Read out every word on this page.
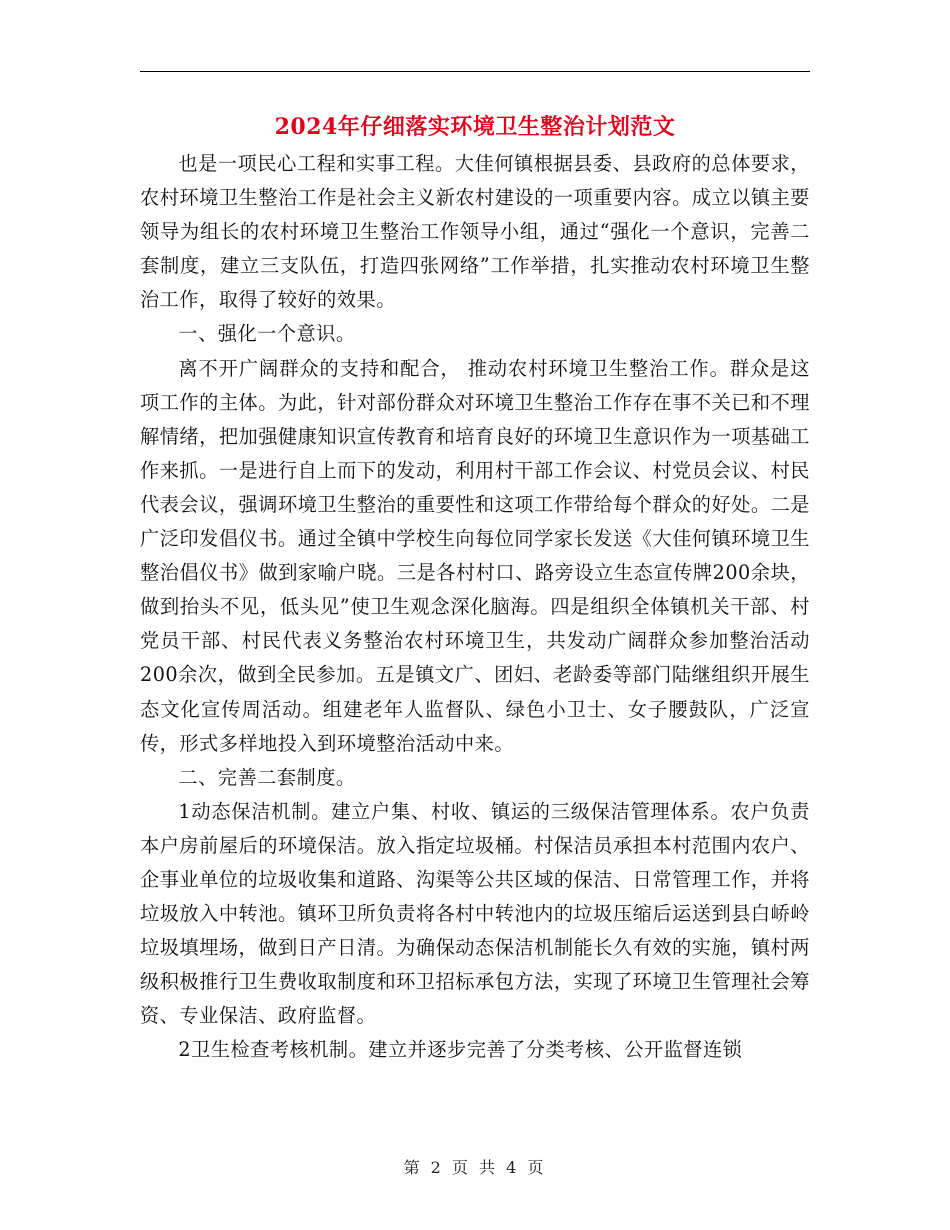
2024年仔细落实环境卫生整治计划范文

也是一项民心工程和实事工程。大佳何镇根据县委、县政府的总体要求，农村环境卫生整治工作是社会主义新农村建设的一项重要内容。成立以镇主要领导为组长的农村环境卫生整治工作领导小组，通过“强化一个意识，完善二套制度，建立三支队伍，打造四张网络”工作举措，扎实推动农村环境卫生整治工作，取得了较好的效果。

一、强化一个意识。

离不开广阔群众的支持和配合， 推动农村环境卫生整治工作。群众是这项工作的主体。为此，针对部份群众对环境卫生整治工作存在事不关已和不理解情绪，把加强健康知识宣传教育和培育良好的环境卫生意识作为一项基础工作来抓。一是进行自上而下的发动，利用村干部工作会议、村党员会议、村民代表会议，强调环境卫生整治的重要性和这项工作带给每个群众的好处。二是广泛印发倡仪书。通过全镇中学校生向每位同学家长发送《大佳何镇环境卫生整治倡仪书》做到家喻户晓。三是各村村口、路旁设立生态宣传牌200余块，做到抬头不见，低头见”使卫生观念深化脑海。四是组织全体镇机关干部、村党员干部、村民代表义务整治农村环境卫生，共发动广阔群众参加整治活动200余次，做到全民参加。五是镇文广、团妇、老龄委等部门陆继组织开展生态文化宣传周活动。组建老年人监督队、绿色小卫士、女子腰鼓队，广泛宣传，形式多样地投入到环境整治活动中来。

二、完善二套制度。

1动态保洁机制。建立户集、村收、镇运的三级保洁管理体系。农户负责本户房前屋后的环境保洁。放入指定垃圾桶。村保洁员承担本村范围内农户、企事业单位的垃圾收集和道路、沟渠等公共区域的保洁、日常管理工作，并将垃圾放入中转池。镇环卫所负责将各村中转池内的垃圾压缩后运送到县白峤岭垃圾填埋场，做到日产日清。为确保动态保洁机制能长久有效的实施，镇村两级积极推行卫生费收取制度和环卫招标承包方法，实现了环境卫生管理社会筹资、专业保洁、政府监督。

2卫生检查考核机制。建立并逐步完善了分类考核、公开监督连锁

第 2 页 共 4 页
